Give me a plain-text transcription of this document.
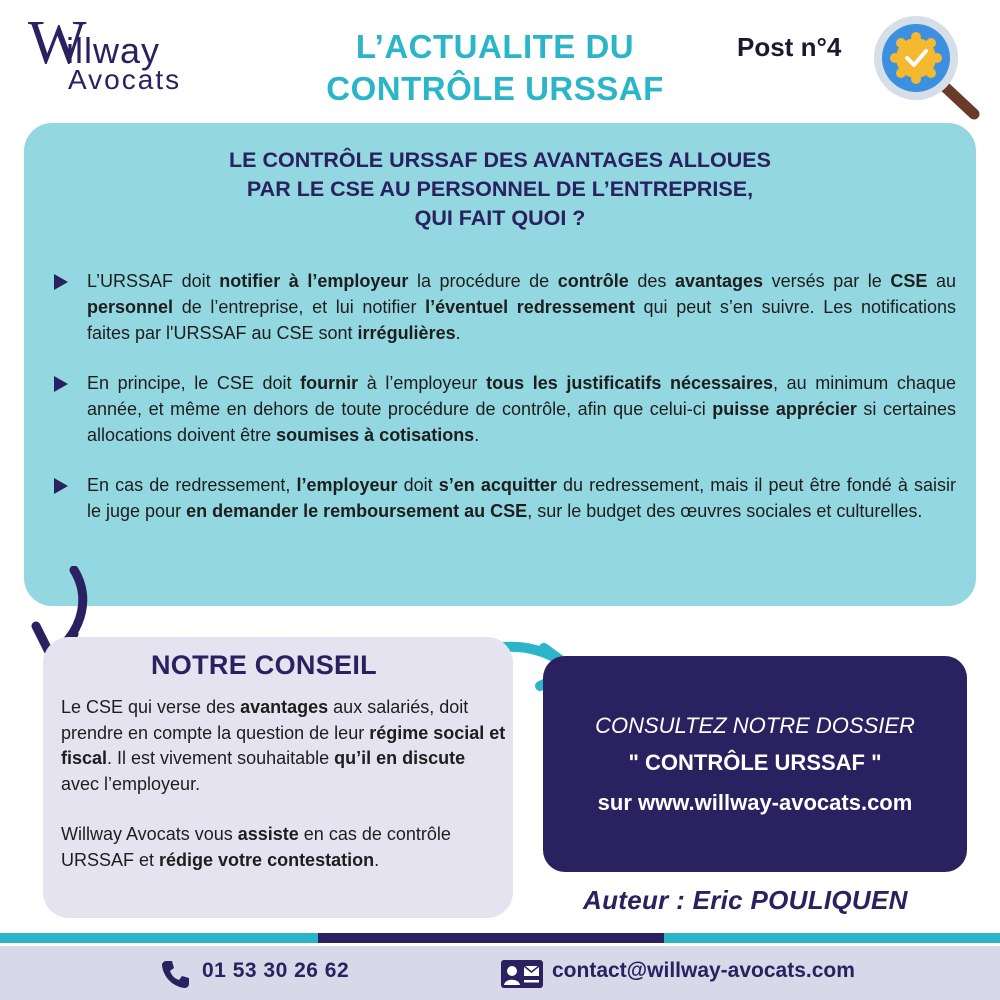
W
illway
Avocats
L’ACTUALITE DU
CONTRÔLE URSSAF
Post n°4
LE CONTRÔLE URSSAF DES AVANTAGES ALLOUES
PAR LE CSE AU PERSONNEL DE L’ENTREPRISE,
QUI FAIT QUOI ?
L’URSSAF doit notifier à l’employeur la procédure de contrôle des avantages versés par le CSE au personnel de l’entreprise, et lui notifier l’éventuel redressement qui peut s’en suivre. Les notifications faites par l'URSSAF au CSE sont irrégulières.
En principe, le CSE doit fournir à l’employeur tous les justificatifs nécessaires, au minimum chaque année, et même en dehors de toute procédure de contrôle, afin que celui-ci puisse apprécier si certaines allocations doivent être soumises à cotisations.
En cas de redressement, l’employeur doit s’en acquitter du redressement, mais il peut être fondé à saisir le juge pour en demander le remboursement au CSE, sur le budget des œuvres sociales et culturelles.
NOTRE CONSEIL

Le CSE qui verse des avantages aux salariés, doit prendre en compte la question de leur régime social et fiscal. Il est vivement souhaitable qu’il en discute avec l’employeur.

Willway Avocats vous assiste en cas de contrôle URSSAF et rédige votre contestation.

CONSULTEZ NOTRE DOSSIER
" CONTRÔLE URSSAF "
sur www.willway-avocats.com
Auteur : Eric POULIQUEN
01 53 30 26 62	contact@willway-avocats.com
